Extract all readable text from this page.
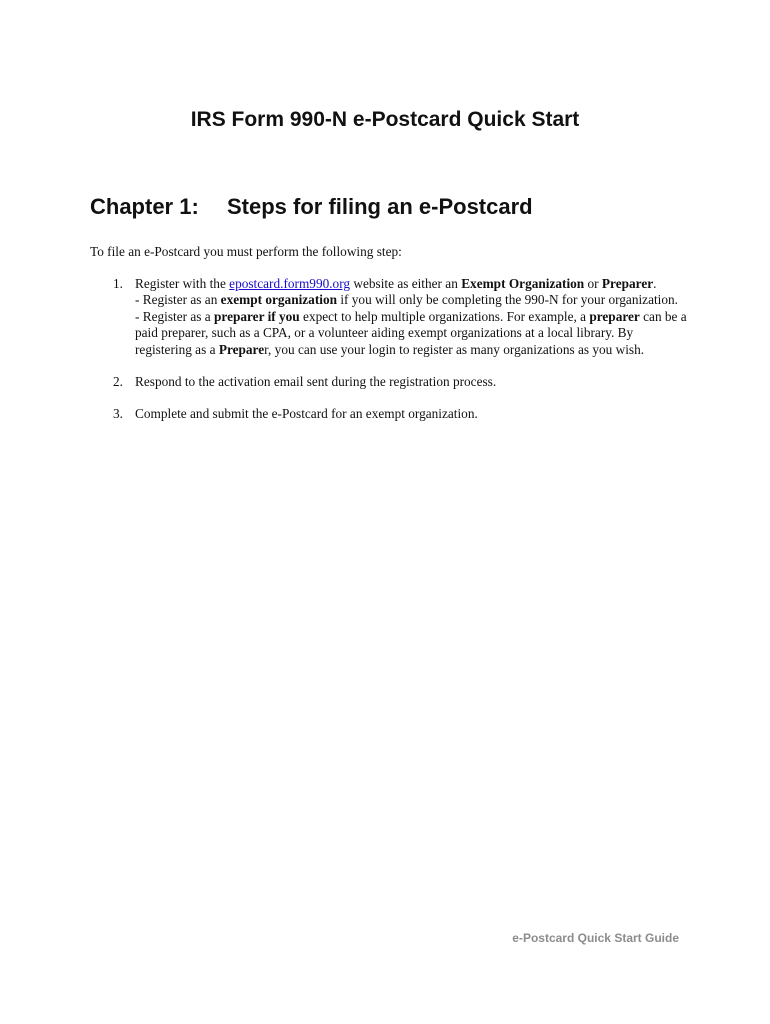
IRS Form 990-N e-Postcard Quick Start
Chapter 1: Steps for filing an e-Postcard

To file an e-Postcard you must perform the following step:

1. Register with the epostcard.form990.org website as either an Exempt Organization or Preparer.

- Register as an exempt organization if you will only be completing the 990-N for your organization.

- Register as a preparer if you expect to help multiple organizations. For example, a preparer can be a paid preparer, such as a CPA, or a volunteer aiding exempt organizations at a local library. By registering as a Preparer, you can use your login to register as many organizations as you wish.

2. Respond to the activation email sent during the registration process.

3. Complete and submit the e-Postcard for an exempt organization.

e-Postcard Quick Start Guide
